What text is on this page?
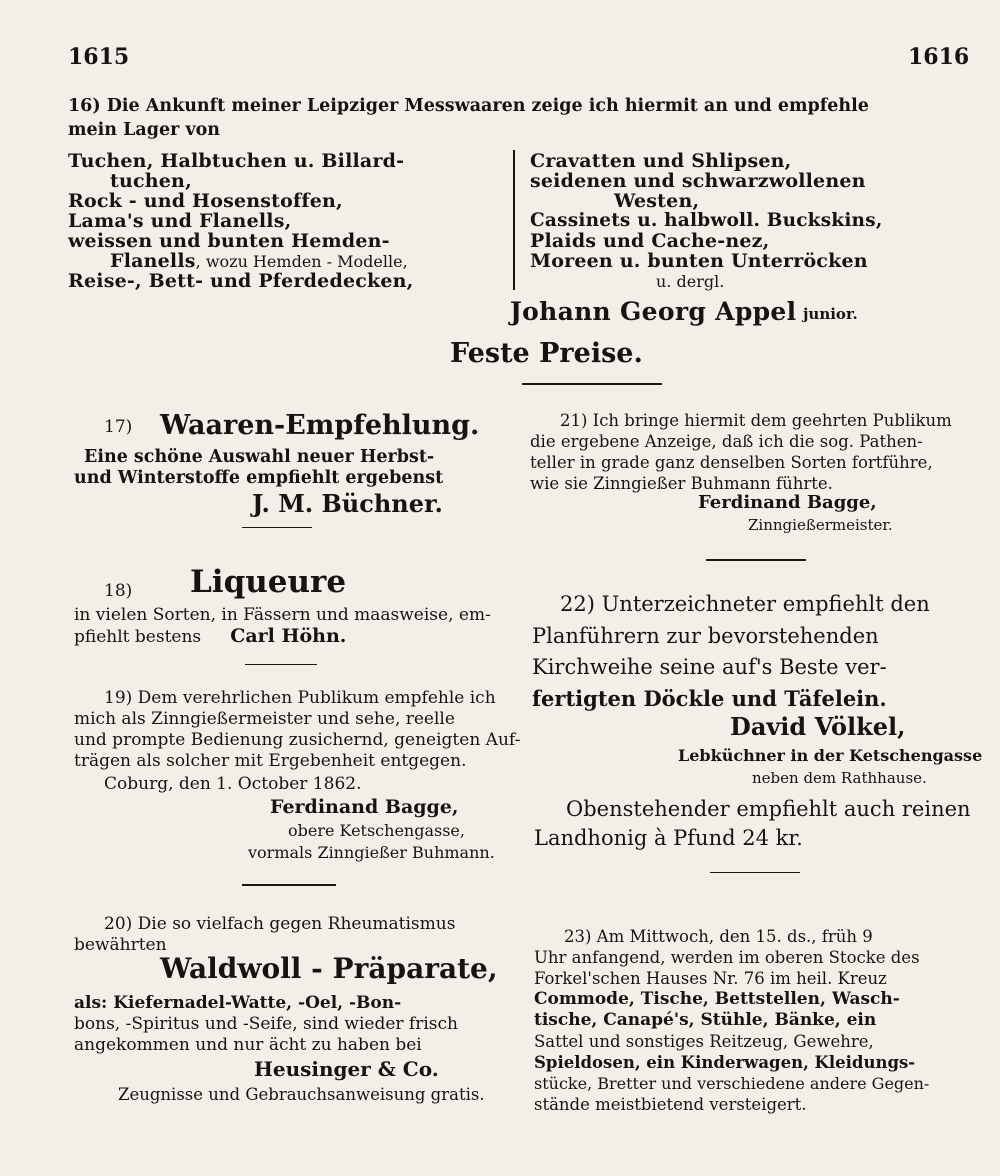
1615	1616
16) Die Ankunft meiner Leipziger Messwaaren zeige ich hiermit an und empfehle
mein Lager von
Tuchen, Halbtuchen u. Billard-
tuchen,
Rock - und Hosenstoffen,
Lama's und Flanells,
weissen und bunten Hemden-
Flanells, wozu Hemden - Modelle,
Reise-, Bett- und Pferdedecken,
Cravatten und Shlipsen,
seidenen und schwarzwollenen
Westen,
Cassinets u. halbwoll. Buckskins,
Plaids und Cache-nez,
Moreen u. bunten Unterröcken
u. dergl.
Johann Georg Appel junior.
Feste Preise.
17) Waaren-Empfehlung.
Eine schöne Auswahl neuer Herbst-
und Winterstoffe empfiehlt ergebenst
J. M. Büchner.
18) Liqueure
in vielen Sorten, in Fässern und maasweise, em-
pfiehlt bestens Carl Höhn.
19) Dem verehrlichen Publikum empfehle ich
mich als Zinngießermeister und sehe, reelle
und prompte Bedienung zusichernd, geneigten Auf-
trägen als solcher mit Ergebenheit entgegen.
Coburg, den 1. October 1862.
Ferdinand Bagge,
obere Ketschengasse,
vormals Zinngießer Buhmann.
20) Die so vielfach gegen Rheumatismus
bewährten
Waldwoll - Präparate,
als: Kiefernadel-Watte, -Oel, -Bon-
bons, -Spiritus und -Seife, sind wieder frisch
angekommen und nur ächt zu haben bei
Heusinger & Co.
Zeugnisse und Gebrauchsanweisung gratis.
21) Ich bringe hiermit dem geehrten Publikum
die ergebene Anzeige, daß ich die sog. Pathen-
teller in grade ganz denselben Sorten fortführe,
wie sie Zinngießer Buhmann führte.
Ferdinand Bagge,
Zinngießermeister.
22) Unterzeichneter empfiehlt den
Planführern zur bevorstehenden
Kirchweihe seine auf's Beste ver-
fertigten Döckle und Täfelein.
David Völkel,
Lebküchner in der Ketschengasse
neben dem Rathhause.
Obenstehender empfiehlt auch reinen
Landhonig à Pfund 24 kr.
23) Am Mittwoch, den 15. ds., früh 9
Uhr anfangend, werden im oberen Stocke des
Forkel'schen Hauses Nr. 76 im heil. Kreuz
Commode, Tische, Bettstellen, Wasch-
tische, Canapé's, Stühle, Bänke, ein
Sattel und sonstiges Reitzeug, Gewehre,
Spieldosen, ein Kinderwagen, Kleidungs-
stücke, Bretter und verschiedene andere Gegen-
stände meistbietend versteigert.
